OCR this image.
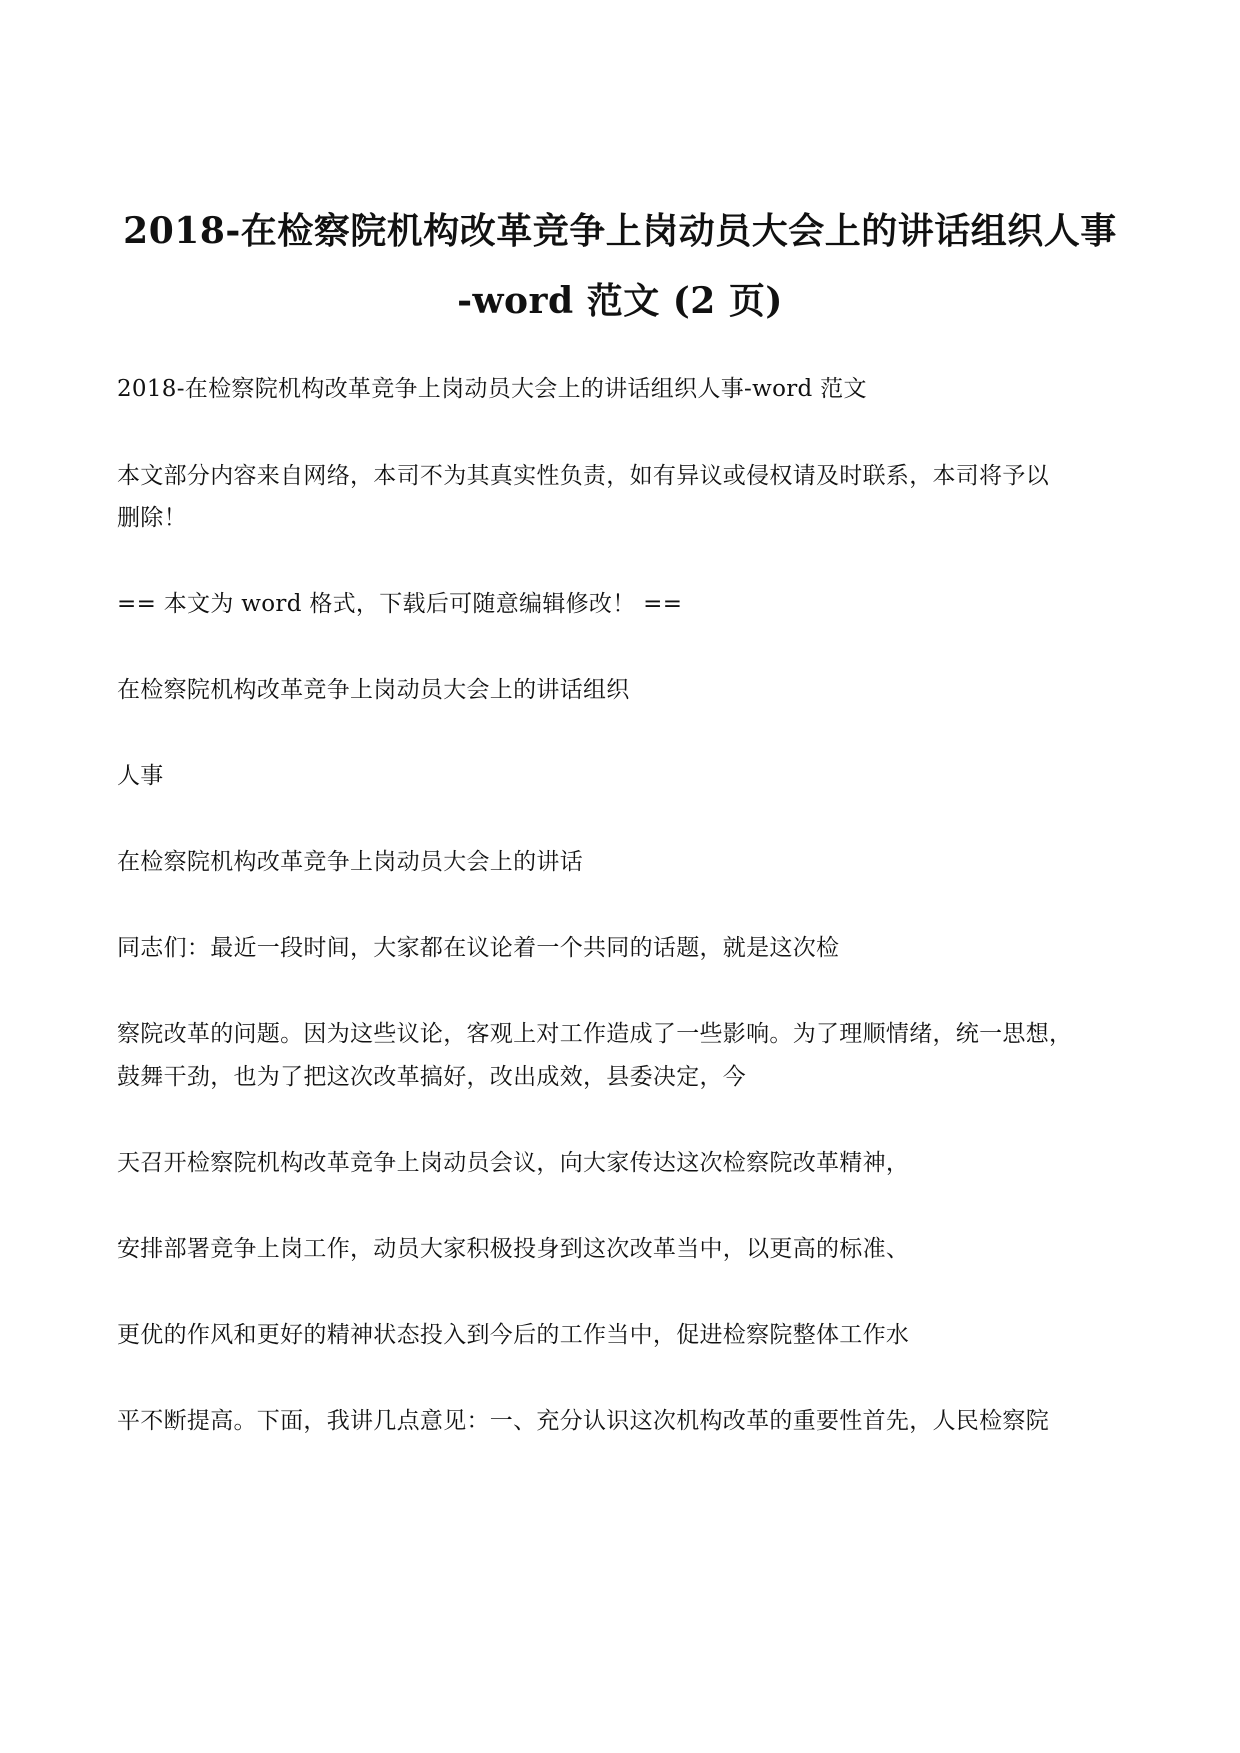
2018-在检察院机构改革竞争上岗动员大会上的讲话组织人事
-word 范文 (2 页)

2018-在检察院机构改革竞争上岗动员大会上的讲话组织人事-word 范文

本文部分内容来自网络，本司不为其真实性负责，如有异议或侵权请及时联系，本司将予以

删除！

== 本文为 word 格式，下载后可随意编辑修改！ ==

在检察院机构改革竞争上岗动员大会上的讲话组织

人事

在检察院机构改革竞争上岗动员大会上的讲话

同志们：最近一段时间，大家都在议论着一个共同的话题，就是这次检

察院改革的问题。因为这些议论，客观上对工作造成了一些影响。为了理顺情绪，统一思想，

鼓舞干劲，也为了把这次改革搞好，改出成效，县委决定，今

天召开检察院机构改革竞争上岗动员会议，向大家传达这次检察院改革精神，

安排部署竞争上岗工作，动员大家积极投身到这次改革当中，以更高的标准、

更优的作风和更好的精神状态投入到今后的工作当中，促进检察院整体工作水

平不断提高。下面，我讲几点意见：一、充分认识这次机构改革的重要性首先，人民检察院
